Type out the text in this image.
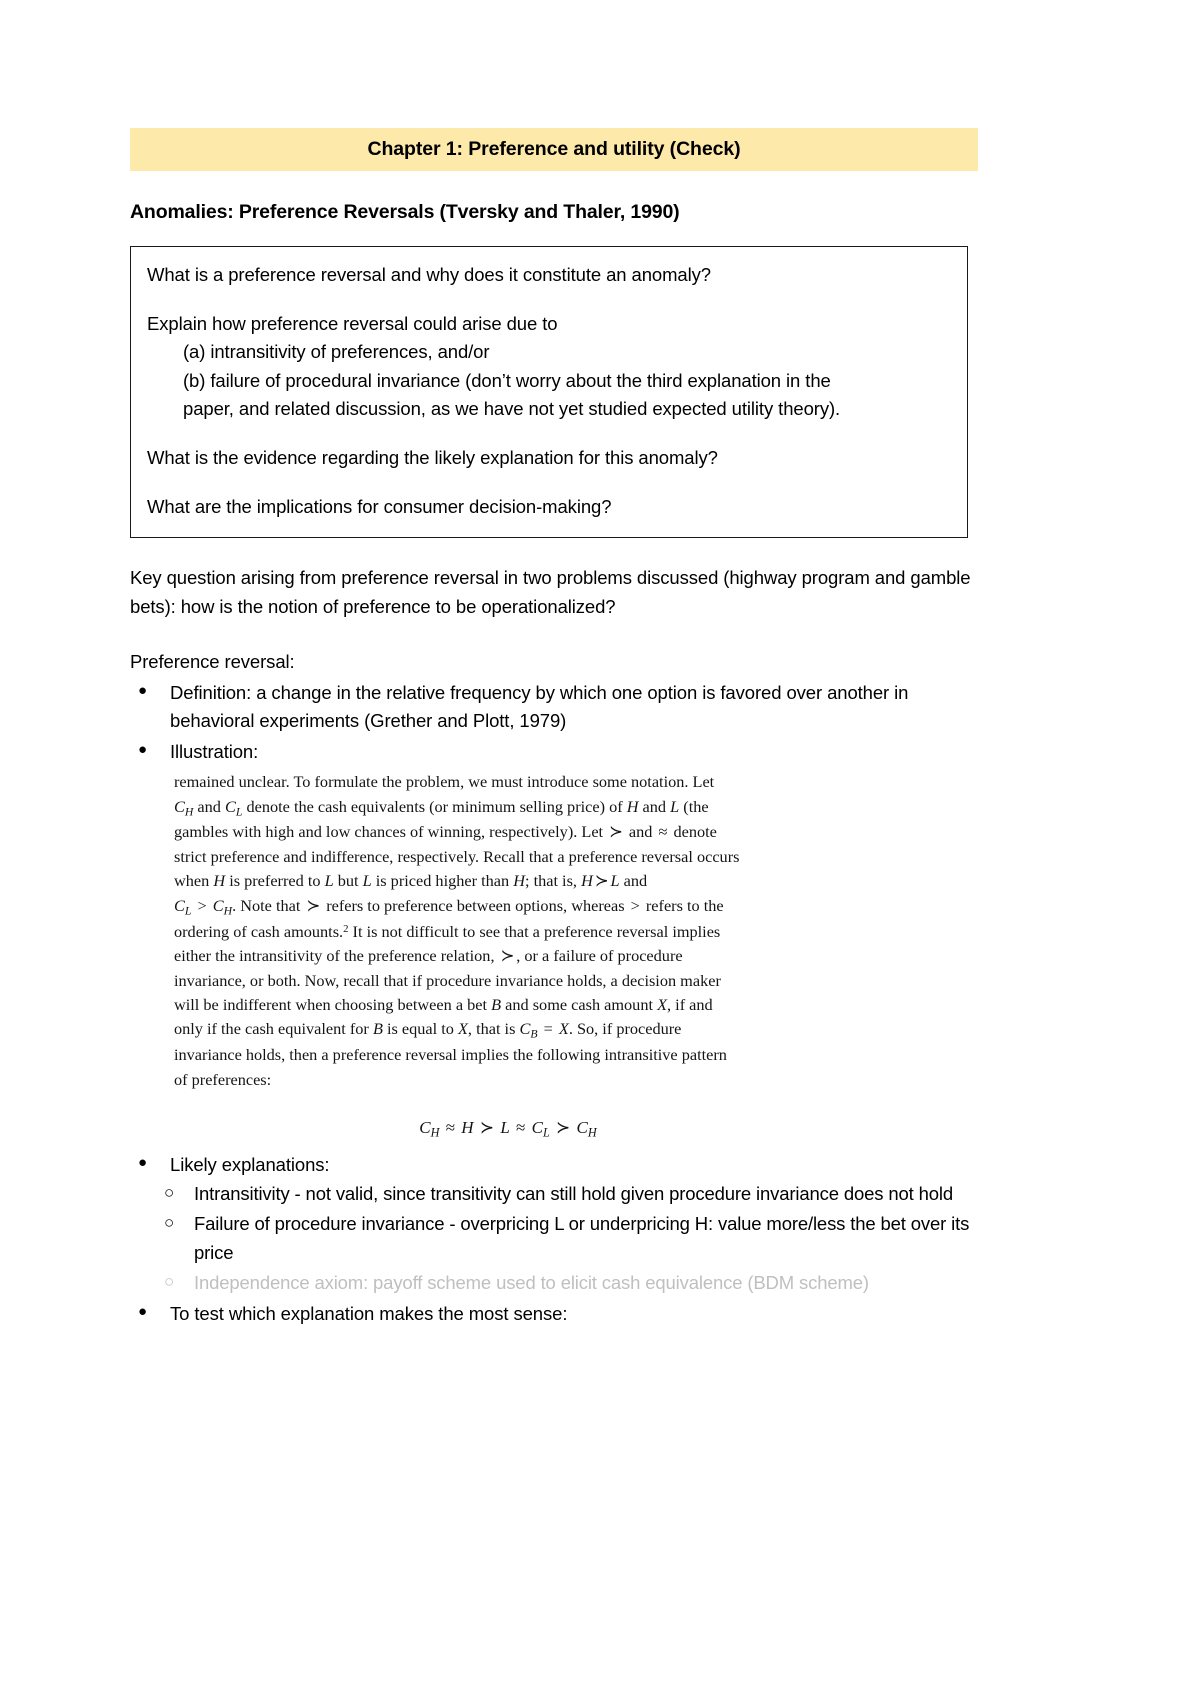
Chapter 1: Preference and utility (Check)
Anomalies: Preference Reversals (Tversky and Thaler, 1990)

What is a preference reversal and why does it constitute an anomaly?

Explain how preference reversal could arise due to

(a) intransitivity of preferences, and/or

(b) failure of procedural invariance (don’t worry about the third explanation in the

paper, and related discussion, as we have not yet studied expected utility theory).

What is the evidence regarding the likely explanation for this anomaly?

What are the implications for consumer decision-making?

Key question arising from preference reversal in two problems discussed (highway program and gamble bets): how is the notion of preference to be operationalized?
Preference reversal:
● Definition: a change in the relative frequency by which one option is favored over another in behavioral experiments (Grether and Plott, 1979)
● Illustration:
remained unclear. To formulate the problem, we must introduce some notation. Let
$C_H$ and $C_L$ denote the cash equivalents (or minimum selling price) of H and L (the
gambles with high and low chances of winning, respectively). Let ≻ and ≈ denote
strict preference and indifference, respectively. Recall that a preference reversal occurs
when H is preferred to L but L is priced higher than H; that is, H ≻ L and
$C_L > C_H$. Note that ≻ refers to preference between options, whereas > refers to the
ordering of cash amounts.$^2$ It is not difficult to see that a preference reversal implies
either the intransitivity of the preference relation, ≻ , or a failure of procedure
invariance, or both. Now, recall that if procedure invariance holds, a decision maker
will be indifferent when choosing between a bet B and some cash amount X, if and
only if the cash equivalent for B is equal to X, that is $C_B = X$. So, if procedure
invariance holds, then a preference reversal implies the following intransitive pattern
of preferences:
$C_H \approx H$ ≻ $L \approx C_L$ ≻ $C_H$
● Likely explanations:
○ Intransitivity - not valid, since transitivity can still hold given procedure invariance does not hold
○ Failure of procedure invariance - overpricing L or underpricing H: value more/less the bet over its price
○ Independence axiom: payoff scheme used to elicit cash equivalence (BDM scheme)
● To test which explanation makes the most sense:
